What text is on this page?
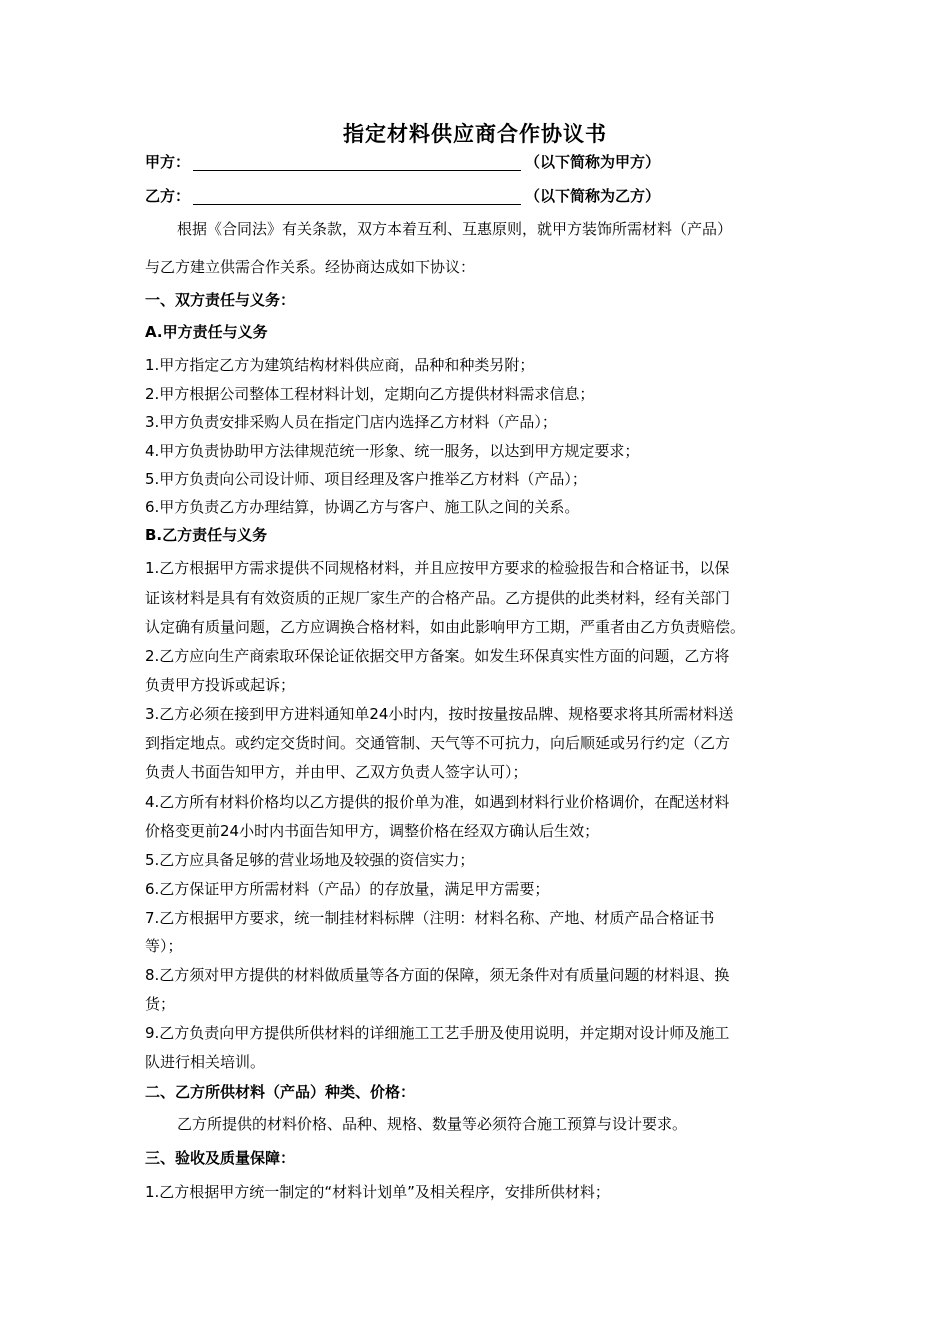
指定材料供应商合作协议书
甲方：	（以下简称为甲方）
乙方：	（以下简称为乙方）
根据《合同法》有关条款，双方本着互利、互惠原则，就甲方装饰所需材料（产品）
与乙方建立供需合作关系。经协商达成如下协议：
一、双方责任与义务：
A.甲方责任与义务
1.甲方指定乙方为建筑结构材料供应商，品种和种类另附；
2.甲方根据公司整体工程材料计划，定期向乙方提供材料需求信息；
3.甲方负责安排采购人员在指定门店内选择乙方材料（产品）；
4.甲方负责协助甲方法律规范统一形象、统一服务，以达到甲方规定要求；
5.甲方负责向公司设计师、项目经理及客户推举乙方材料（产品）；
6.甲方负责乙方办理结算，协调乙方与客户、施工队之间的关系。
B.乙方责任与义务
1.乙方根据甲方需求提供不同规格材料，并且应按甲方要求的检验报告和合格证书，以保
证该材料是具有有效资质的正规厂家生产的合格产品。乙方提供的此类材料，经有关部门
认定确有质量问题，乙方应调换合格材料，如由此影响甲方工期，严重者由乙方负责赔偿。
2.乙方应向生产商索取环保论证依据交甲方备案。如发生环保真实性方面的问题，乙方将
负责甲方投诉或起诉；
3.乙方必须在接到甲方进料通知单24小时内，按时按量按品牌、规格要求将其所需材料送
到指定地点。或约定交货时间。交通管制、天气等不可抗力，向后顺延或另行约定（乙方
负责人书面告知甲方，并由甲、乙双方负责人签字认可）；
4.乙方所有材料价格均以乙方提供的报价单为准，如遇到材料行业价格调价，在配送材料
价格变更前24小时内书面告知甲方，调整价格在经双方确认后生效；
5.乙方应具备足够的营业场地及较强的资信实力；
6.乙方保证甲方所需材料（产品）的存放量，满足甲方需要；
7.乙方根据甲方要求，统一制挂材料标牌（注明：材料名称、产地、材质产品合格证书
等）；
8.乙方须对甲方提供的材料做质量等各方面的保障，须无条件对有质量问题的材料退、换
货；
9.乙方负责向甲方提供所供材料的详细施工工艺手册及使用说明，并定期对设计师及施工
队进行相关培训。
二、乙方所供材料（产品）种类、价格：
乙方所提供的材料价格、品种、规格、数量等必须符合施工预算与设计要求。
三、验收及质量保障：
1.乙方根据甲方统一制定的“材料计划单”及相关程序，安排所供材料；
